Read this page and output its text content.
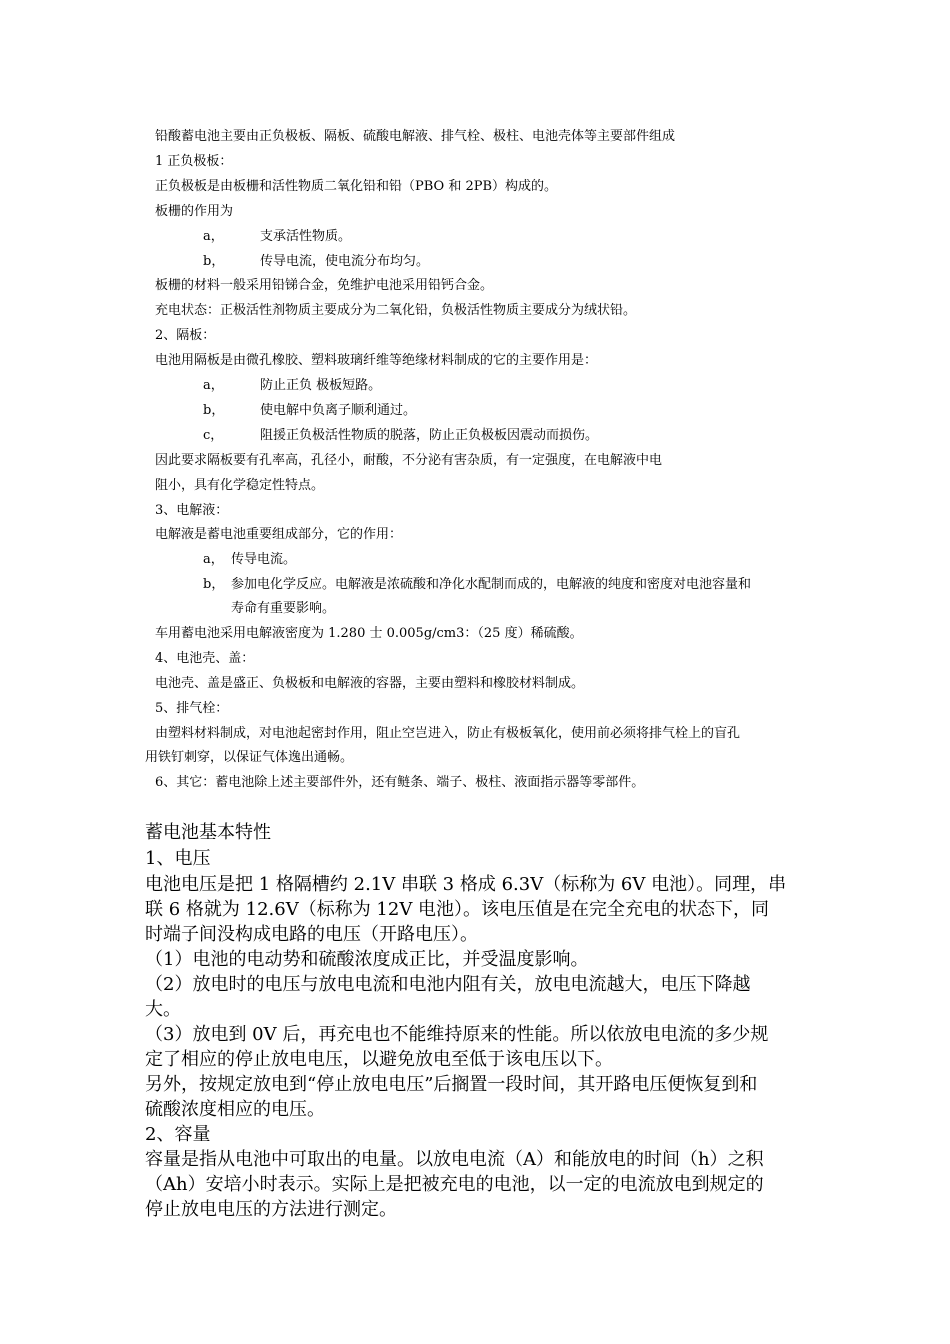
铅酸蓄电池主要由正负极板、隔板、硫酸电解液、排气栓、极柱、电池壳体等主要部件组成
1 正负极板：
正负极板是由板栅和活性物质二氧化铅和铅（PBO 和 2PB）构成的。
板栅的作用为
a，	支承活性物质。
b，	传导电流，使电流分布均匀。
板栅的材料一般采用铅锑合金，免维护电池采用铅钙合金。
充电状态：正极活性剂物质主要成分为二氧化铅，负极活性物质主要成分为绒状铅。
2、隔板：
电池用隔板是由微孔橡胶、塑料玻璃纤维等绝缘材料制成的它的主要作用是：
a，	防止正负 极板短路。
b，	使电解中负离子顺利通过。
c，	阻援正负极活性物质的脱落，防止正负极板因震动而损伤。
因此要求隔板要有孔率高，孔径小，耐酸，不分泌有害杂质，有一定强度，在电解液中电
阻小，具有化学稳定性特点。
3、电解液：
电解液是蓄电池重要组成部分，它的作用：
a， 传导电流。
b， 参加电化学反应。电解液是浓硫酸和净化水配制而成的，电解液的纯度和密度对电池容量和
寿命有重要影响。
车用蓄电池采用电解液密度为 1.280 士 0.005g/cm3：（25 度）稀硫酸。
4、电池壳、盖：
电池壳、盖是盛正、负极板和电解液的容器，主要由塑料和橡胶材料制成。
5、排气栓：
由塑料材料制成，对电池起密封作用，阻止空岂进入，防止有极板氧化，使用前必须将排气栓上的盲孔
用铁钉刺穿，以保证气体逸出通畅。
6、其它：蓄电池除上述主要部件外，还有鲢条、端子、极柱、液面指示器等零部件。
蓄电池基本特性
1、电压
电池电压是把 1 格隔槽约 2.1V 串联 3 格成 6.3V（标称为 6V 电池）。同理，串
联 6 格就为 12.6V（标称为 12V 电池）。该电压值是在完全充电的状态下，同
时端子间没构成电路的电压（开路电压）。
（1）电池的电动势和硫酸浓度成正比，并受温度影响。
（2）放电时的电压与放电电流和电池内阻有关，放电电流越大，电压下降越
大。
（3）放电到 0V 后，再充电也不能维持原来的性能。所以依放电电流的多少规
定了相应的停止放电电压，以避免放电至低于该电压以下。
另外，按规定放电到“停止放电电压”后搁置一段时间，其开路电压便恢复到和
硫酸浓度相应的电压。
2、容量
容量是指从电池中可取出的电量。以放电电流（A）和能放电的时间（h）之积
（Ah）安培小时表示。实际上是把被充电的电池，以一定的电流放电到规定的
停止放电电压的方法进行测定。
